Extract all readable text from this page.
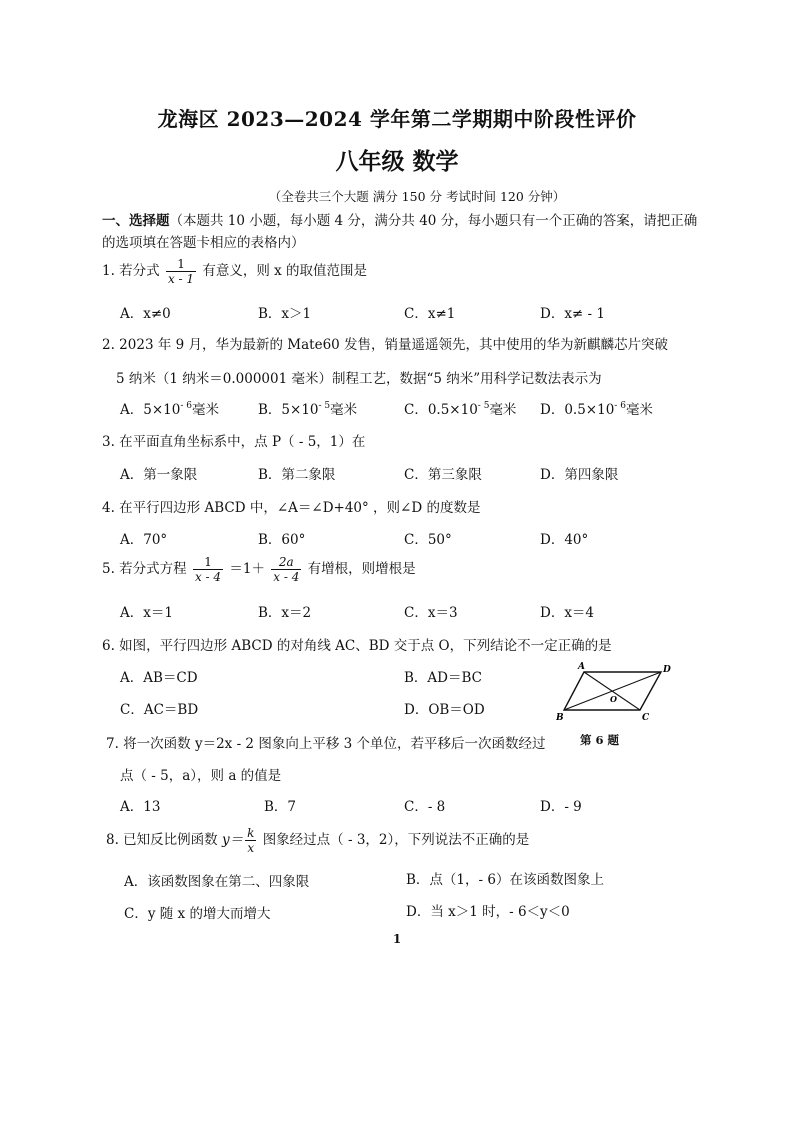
龙海区 2023—2024 学年第二学期期中阶段性评价
八年级 数学
（全卷共三个大题 满分 150 分 考试时间 120 分钟）
一、选择题（本题共 10 小题，每小题 4 分，满分共 40 分，每小题只有一个正确的答案，请把正确的选项填在答题卡相应的表格内）
1. 若分式 $\frac{1}{x - 1}$ 有意义，则 x 的取值范围是
A．x≠0	B．x＞1	C．x≠1	D．x≠ - 1
2. 2023 年 9 月，华为最新的 Mate60 发售，销量遥遥领先，其中使用的华为新麒麟芯片突破
5 纳米（1 纳米＝0.000001 毫米）制程工艺，数据“5 纳米”用科学记数法表示为
A．$5\times 10^{- 6}$毫米	B．$5\times 10^{- 5}$毫米	C．$0.5\times 10^{- 5}$毫米 D．$0.5\times 10^{- 6}$毫米
3. 在平面直角坐标系中，点 P（ - 5，1）在
A．第一象限	B．第二象限	C．第三象限	D．第四象限
4. 在平行四边形 ABCD 中，∠A＝∠D+40° ，则∠D 的度数是
A．70°	B．60°	C．50°	D．40°
5. 若分式方程 $\frac{1}{x - 4} =1+ \frac{2a}{x - 4}$ 有增根，则增根是
A．x＝1	B．x＝2	C．x＝3	D．x＝4
6. 如图，平行四边形 ABCD 的对角线 AC、BD 交于点 O，下列结论不一定正确的是
A．AB＝CD	B．AD＝BC
C．AC＝BD	D．OB＝OD
A	D
B	C
O
第 6 题
7. 将一次函数 y＝2x - 2 图象向上平移 3 个单位，若平移后一次函数经过
点（ - 5，a），则 a 的值是
A．13	B．7	C．- 8	D．- 9
8. 已知反比例函数 $y= \frac{k}{x}$ 图象经过点（ - 3，2），下列说法不正确的是
A．该函数图象在第二、四象限	B．点（1，- 6）在该函数图象上
C．y 随 x 的增大而增大	D．当 x＞1 时，- 6＜y＜0
1
